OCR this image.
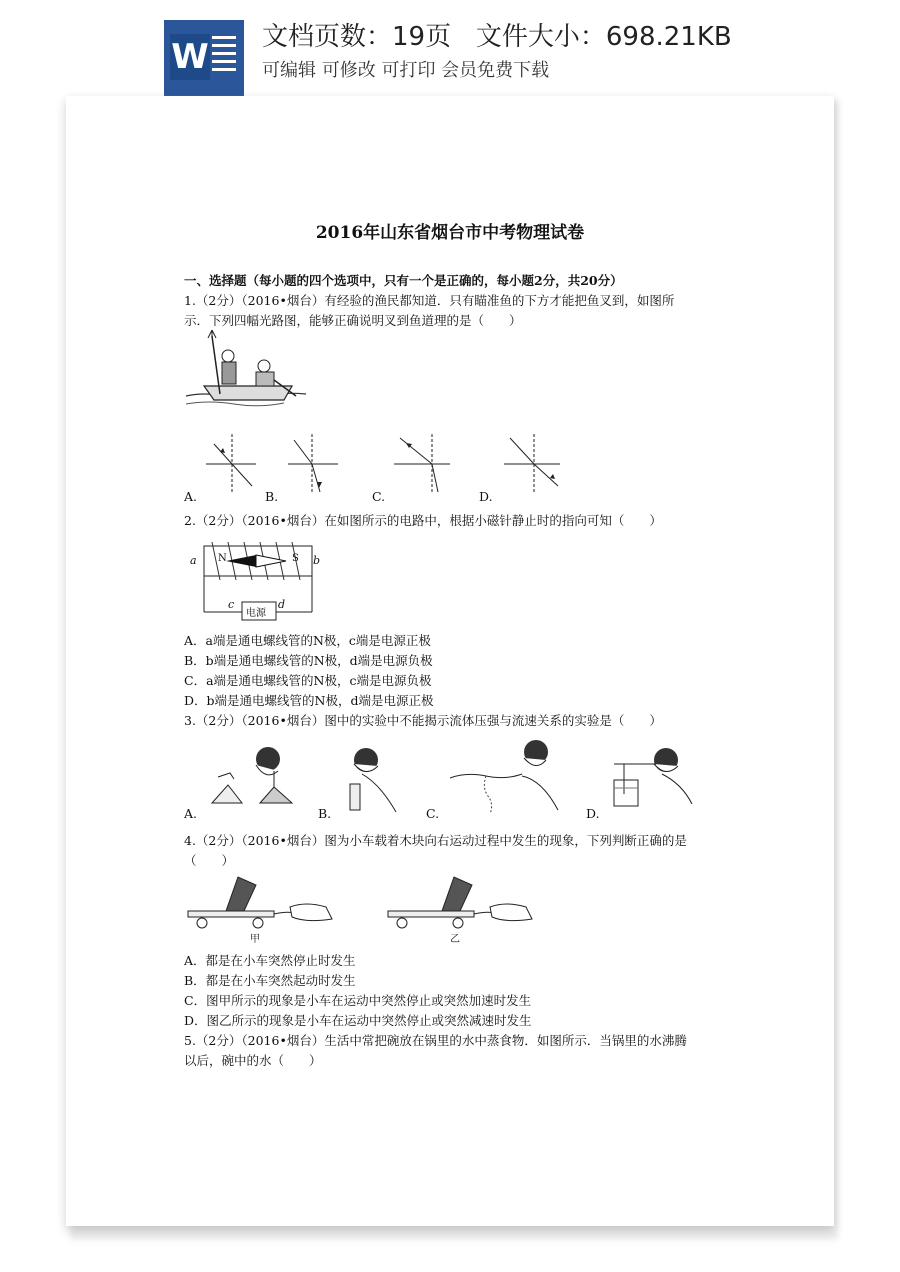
W 文档页数：19页   文件大小：698.21KB
可编辑 可修改 可打印 会员免费下载
2016年山东省烟台市中考物理试卷
一、选择题（每小题的四个选项中，只有一个是正确的，每小题2分，共20分）
1.（2分）（2016•烟台）有经验的渔民都知道．只有瞄准鱼的下方才能把鱼叉到，如图所
示．下列四幅光路图，能够正确说明叉到鱼道理的是（　　）
A.	B.	C.	D.
2.（2分）（2016•烟台）在如图所示的电路中，根据小磁针静止时的指向可知（　　）
a	b
N	S
c	d
电源
A．a端是通电螺线管的N极，c端是电源正极
B．b端是通电螺线管的N极，d端是电源负极
C．a端是通电螺线管的N极，c端是电源负极
D．b端是通电螺线管的N极，d端是电源正极
3.（2分）（2016•烟台）图中的实验中不能揭示流体压强与流速关系的实验是（　　）
A.	B.	C.	D.
4.（2分）（2016•烟台）图为小车载着木块向右运动过程中发生的现象，下列判断正确的是
（　　）
甲	乙
A．都是在小车突然停止时发生
B．都是在小车突然起动时发生
C．图甲所示的现象是小车在运动中突然停止或突然加速时发生
D．图乙所示的现象是小车在运动中突然停止或突然减速时发生
5.（2分）（2016•烟台）生活中常把碗放在锅里的水中蒸食物．如图所示．当锅里的水沸腾
以后，碗中的水（　　）
